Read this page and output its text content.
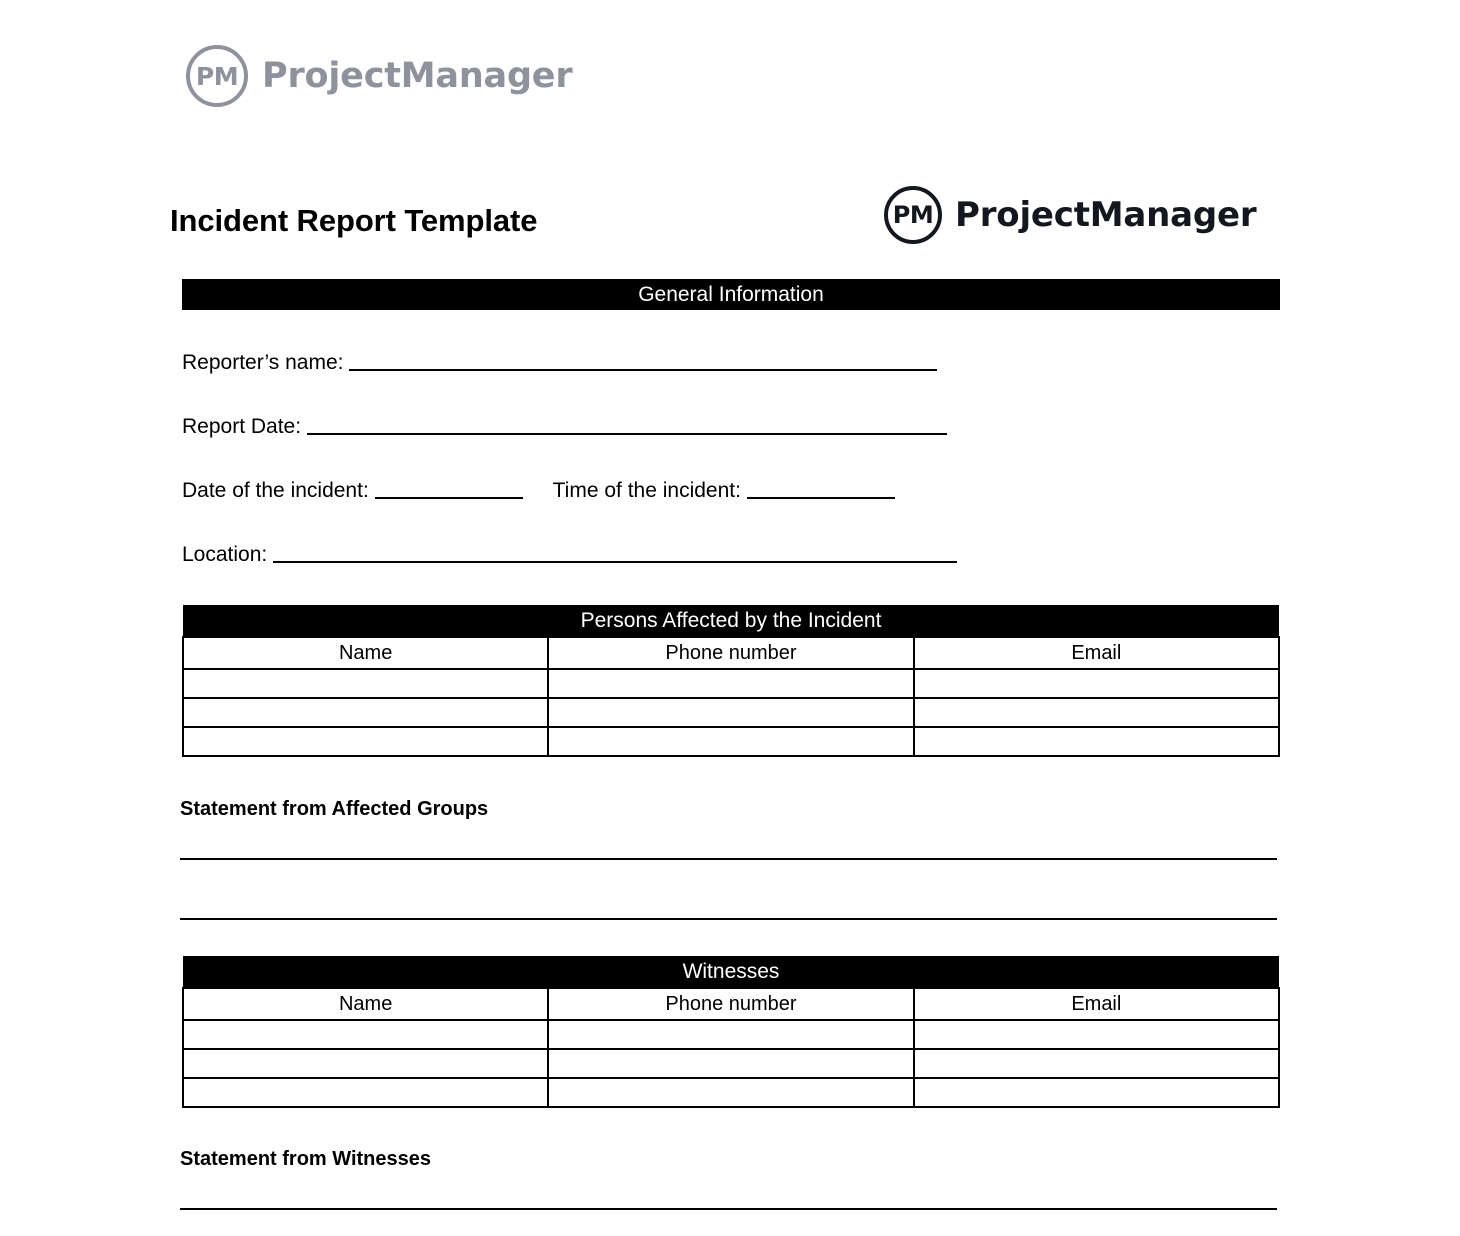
PM ProjectManager
Incident Report Template	PM ProjectManager
General Information
Reporter’s name:
Report Date:
Date of the incident:	Time of the incident:
Location:
Persons Affected by the Incident		
Name	Phone number	Email

Statement from Affected Groups
Witnesses		
Name	Phone number	Email

Statement from Witnesses
